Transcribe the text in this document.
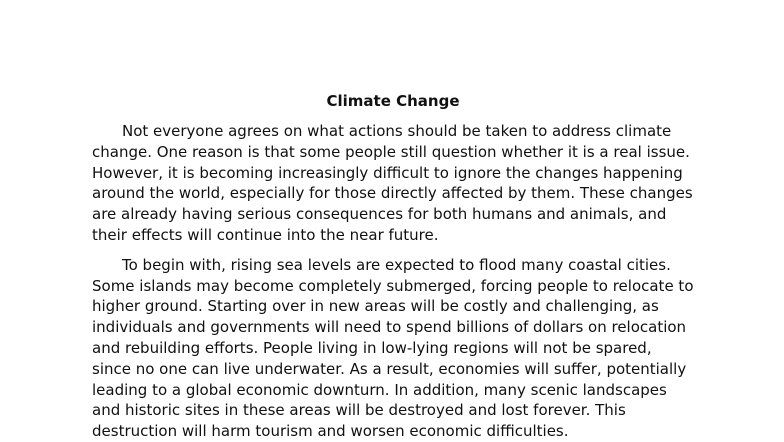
Climate Change

Not everyone agrees on what actions should be taken to address climate change. One reason is that some people still question whether it is a real issue. However, it is becoming increasingly difficult to ignore the changes happening around the world, especially for those directly affected by them. These changes are already having serious consequences for both humans and animals, and their effects will continue into the near future.

To begin with, rising sea levels are expected to flood many coastal cities. Some islands may become completely submerged, forcing people to relocate to higher ground. Starting over in new areas will be costly and challenging, as individuals and governments will need to spend billions of dollars on relocation and rebuilding efforts. People living in low-lying regions will not be spared, since no one can live underwater. As a result, economies will suffer, potentially leading to a global economic downturn. In addition, many scenic landscapes and historic sites in these areas will be destroyed and lost forever. This destruction will harm tourism and worsen economic difficulties.
